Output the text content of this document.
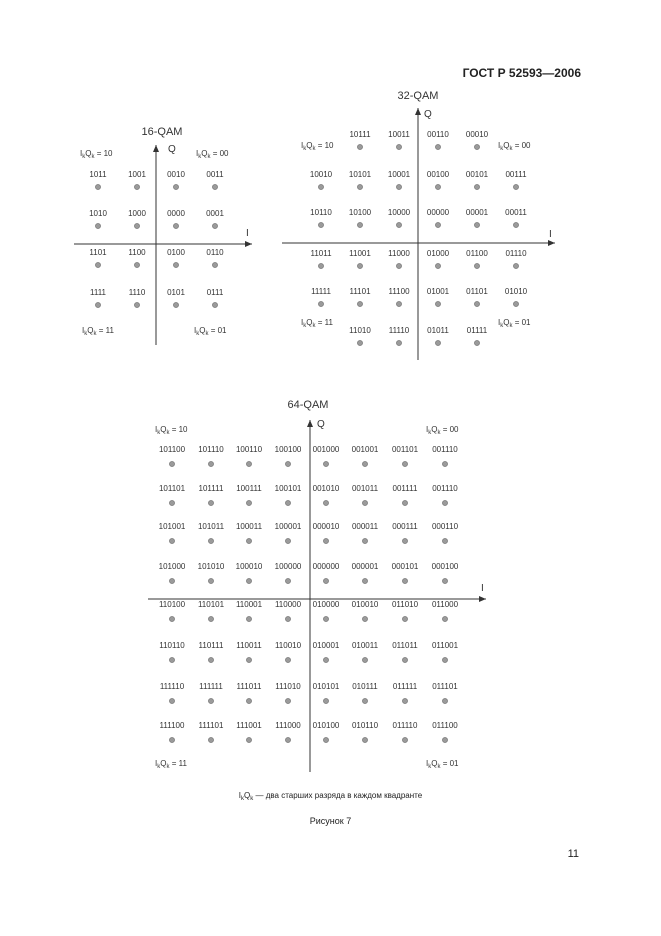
ГОСТ Р 52593—2006
16-QAM
Q
I
$I_kQ_k = 10$	$I_kQ_k = 00$
$I_kQ_k = 11$	$I_kQ_k = 01$
1011	1001	0010	0011
1010	1000	0000	0001
1101	1100	0100	0110
1111	1110	0101	0111
32-QAM
Q
I
$I_kQ_k = 10$	$I_kQ_k = 00$
$I_kQ_k = 11$	$I_kQ_k = 01$
10111 10011 00110 00010
10010 10101 10001 00100 00101 00111
10110 10100 10000 00000 00001 00011
11011 11001 11000 01000 01100 01110
11111 11101 11100 01001 01101 01010
11010 11110 01011 01111
64-QAM
Q
I
$I_kQ_k = 10$	$I_kQ_k = 00$
$I_kQ_k = 11$	$I_kQ_k = 01$
101100 101110 100110 100100 001000 001001 001101 001110
101101 101111 100111 100101 001010 001011 001111 001110
101001 101011 100011 100001 000010 000011 000111 000110
101000 101010 100010 100000 000000 000001 000101 000100
110100 110101 110001 110000 010000 010010 011010 011000
110110 110111 110011 110010 010001 010011 011011 011001
111110 111111 111011 111010 010101 010111 011111 011101
111100 111101 111001 111000 010100 010110 011110 011100
$I_kQ_k$ — два старших разряда в каждом квадранте
Рисунок 7
11
